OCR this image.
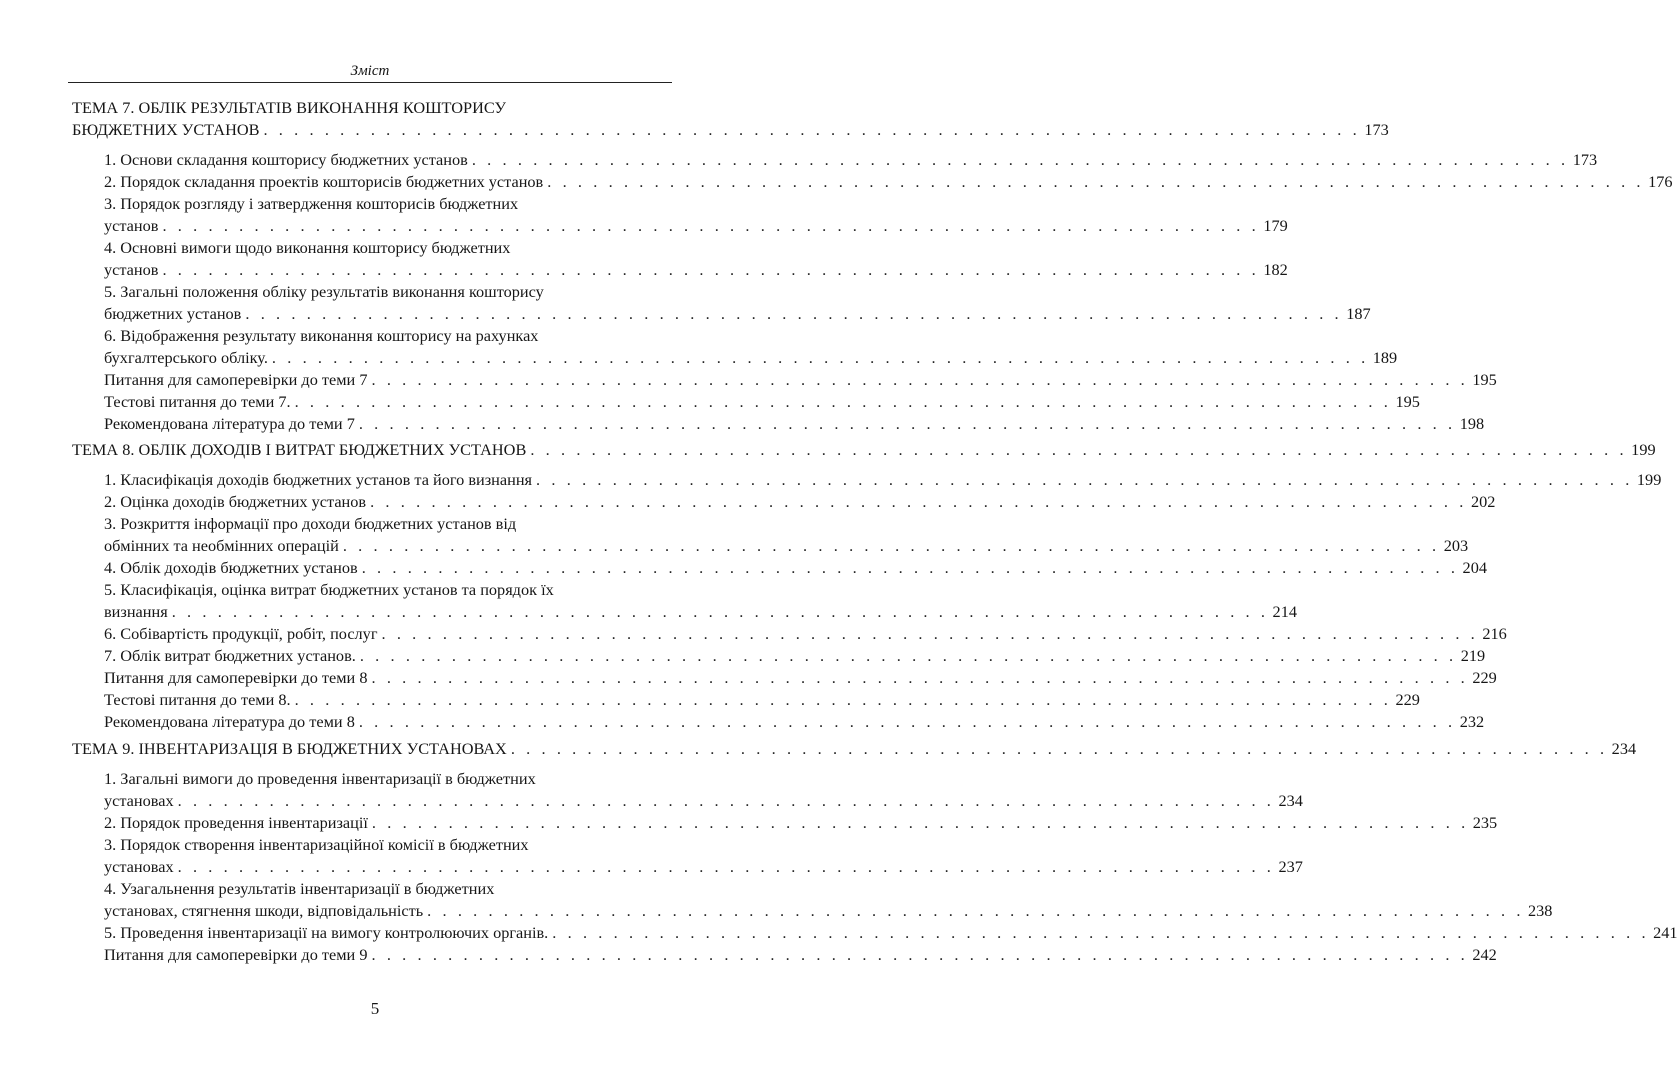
Зміст
ТЕМА 7. ОБЛІК РЕЗУЛЬТАТІВ ВИКОНАННЯ КОШТОРИСУ
БЮДЖЕТНИХ УСТАНОВ . . . . . . . . . . . . . . . . . . . . . . . . . . . . . . . . . . . . . . . . . . . . . . . . . . . . . . . . . . . . . . . . . . . . . . . . 173
1. Основи складання кошторису бюджетних установ . . . . . . . . . . . . . . . . . . . . . . . . . . . . . . . . . . . . . . . . . . . . . . . . . . . . . . . . . . . . . . . . . . . . . . . . 173
2. Порядок складання проектів кошторисів бюджетних установ . . . . . . . . . . . . . . . . . . . . . . . . . . . . . . . . . . . . . . . . . . . . . . . . . . . . . . . . . . . . . . . . . . . . . . . . 176
3. Порядок розгляду і затвердження кошторисів бюджетних
установ . . . . . . . . . . . . . . . . . . . . . . . . . . . . . . . . . . . . . . . . . . . . . . . . . . . . . . . . . . . . . . . . . . . . . . . . 179
4. Основні вимоги щодо виконання кошторису бюджетних
установ . . . . . . . . . . . . . . . . . . . . . . . . . . . . . . . . . . . . . . . . . . . . . . . . . . . . . . . . . . . . . . . . . . . . . . . . 182
5. Загальні положення обліку результатів виконання кошторису
бюджетних установ . . . . . . . . . . . . . . . . . . . . . . . . . . . . . . . . . . . . . . . . . . . . . . . . . . . . . . . . . . . . . . . . . . . . . . . . 187
6. Відображення результату виконання кошторису на рахунках
бухгалтерського обліку. . . . . . . . . . . . . . . . . . . . . . . . . . . . . . . . . . . . . . . . . . . . . . . . . . . . . . . . . . . . . . . . . . . . . . . . . 189
Питання для самоперевірки до теми 7 . . . . . . . . . . . . . . . . . . . . . . . . . . . . . . . . . . . . . . . . . . . . . . . . . . . . . . . . . . . . . . . . . . . . . . . . 195
Тестові питання до теми 7. . . . . . . . . . . . . . . . . . . . . . . . . . . . . . . . . . . . . . . . . . . . . . . . . . . . . . . . . . . . . . . . . . . . . . . . . 195
Рекомендована література до теми 7 . . . . . . . . . . . . . . . . . . . . . . . . . . . . . . . . . . . . . . . . . . . . . . . . . . . . . . . . . . . . . . . . . . . . . . . . 198
ТЕМА 8. ОБЛІК ДОХОДІВ І ВИТРАТ БЮДЖЕТНИХ УСТАНОВ . . . . . . . . . . . . . . . . . . . . . . . . . . . . . . . . . . . . . . . . . . . . . . . . . . . . . . . . . . . . . . . . . . . . . . . . 199
1. Класифікація доходів бюджетних установ та його визнання . . . . . . . . . . . . . . . . . . . . . . . . . . . . . . . . . . . . . . . . . . . . . . . . . . . . . . . . . . . . . . . . . . . . . . . . 199
2. Оцінка доходів бюджетних установ . . . . . . . . . . . . . . . . . . . . . . . . . . . . . . . . . . . . . . . . . . . . . . . . . . . . . . . . . . . . . . . . . . . . . . . . 202
3. Розкриття інформації про доходи бюджетних установ від
обмінних та необмінних операцій . . . . . . . . . . . . . . . . . . . . . . . . . . . . . . . . . . . . . . . . . . . . . . . . . . . . . . . . . . . . . . . . . . . . . . . . 203
4. Облік доходів бюджетних установ . . . . . . . . . . . . . . . . . . . . . . . . . . . . . . . . . . . . . . . . . . . . . . . . . . . . . . . . . . . . . . . . . . . . . . . . 204
5. Класифікація, оцінка витрат бюджетних установ та порядок їх
визнання . . . . . . . . . . . . . . . . . . . . . . . . . . . . . . . . . . . . . . . . . . . . . . . . . . . . . . . . . . . . . . . . . . . . . . . . 214
6. Собівартість продукції, робіт, послуг . . . . . . . . . . . . . . . . . . . . . . . . . . . . . . . . . . . . . . . . . . . . . . . . . . . . . . . . . . . . . . . . . . . . . . . . 216
7. Облік витрат бюджетних установ. . . . . . . . . . . . . . . . . . . . . . . . . . . . . . . . . . . . . . . . . . . . . . . . . . . . . . . . . . . . . . . . . . . . . . . . . 219
Питання для самоперевірки до теми 8 . . . . . . . . . . . . . . . . . . . . . . . . . . . . . . . . . . . . . . . . . . . . . . . . . . . . . . . . . . . . . . . . . . . . . . . . 229
Тестові питання до теми 8. . . . . . . . . . . . . . . . . . . . . . . . . . . . . . . . . . . . . . . . . . . . . . . . . . . . . . . . . . . . . . . . . . . . . . . . . 229
Рекомендована література до теми 8 . . . . . . . . . . . . . . . . . . . . . . . . . . . . . . . . . . . . . . . . . . . . . . . . . . . . . . . . . . . . . . . . . . . . . . . . 232
ТЕМА 9. ІНВЕНТАРИЗАЦІЯ В БЮДЖЕТНИХ УСТАНОВАХ . . . . . . . . . . . . . . . . . . . . . . . . . . . . . . . . . . . . . . . . . . . . . . . . . . . . . . . . . . . . . . . . . . . . . . . . 234
1. Загальні вимоги до проведення інвентаризації в бюджетних
установах . . . . . . . . . . . . . . . . . . . . . . . . . . . . . . . . . . . . . . . . . . . . . . . . . . . . . . . . . . . . . . . . . . . . . . . . 234
2. Порядок проведення інвентаризації . . . . . . . . . . . . . . . . . . . . . . . . . . . . . . . . . . . . . . . . . . . . . . . . . . . . . . . . . . . . . . . . . . . . . . . . 235
3. Порядок створення інвентаризаційної комісії в бюджетних
установах . . . . . . . . . . . . . . . . . . . . . . . . . . . . . . . . . . . . . . . . . . . . . . . . . . . . . . . . . . . . . . . . . . . . . . . . 237
4. Узагальнення результатів інвентаризації в бюджетних
установах, стягнення шкоди, відповідальність . . . . . . . . . . . . . . . . . . . . . . . . . . . . . . . . . . . . . . . . . . . . . . . . . . . . . . . . . . . . . . . . . . . . . . . . 238
5. Проведення інвентаризації на вимогу контролюючих органів. . . . . . . . . . . . . . . . . . . . . . . . . . . . . . . . . . . . . . . . . . . . . . . . . . . . . . . . . . . . . . . . . . . . . . . . . 241
Питання для самоперевірки до теми 9 . . . . . . . . . . . . . . . . . . . . . . . . . . . . . . . . . . . . . . . . . . . . . . . . . . . . . . . . . . . . . . . . . . . . . . . . 242
5
